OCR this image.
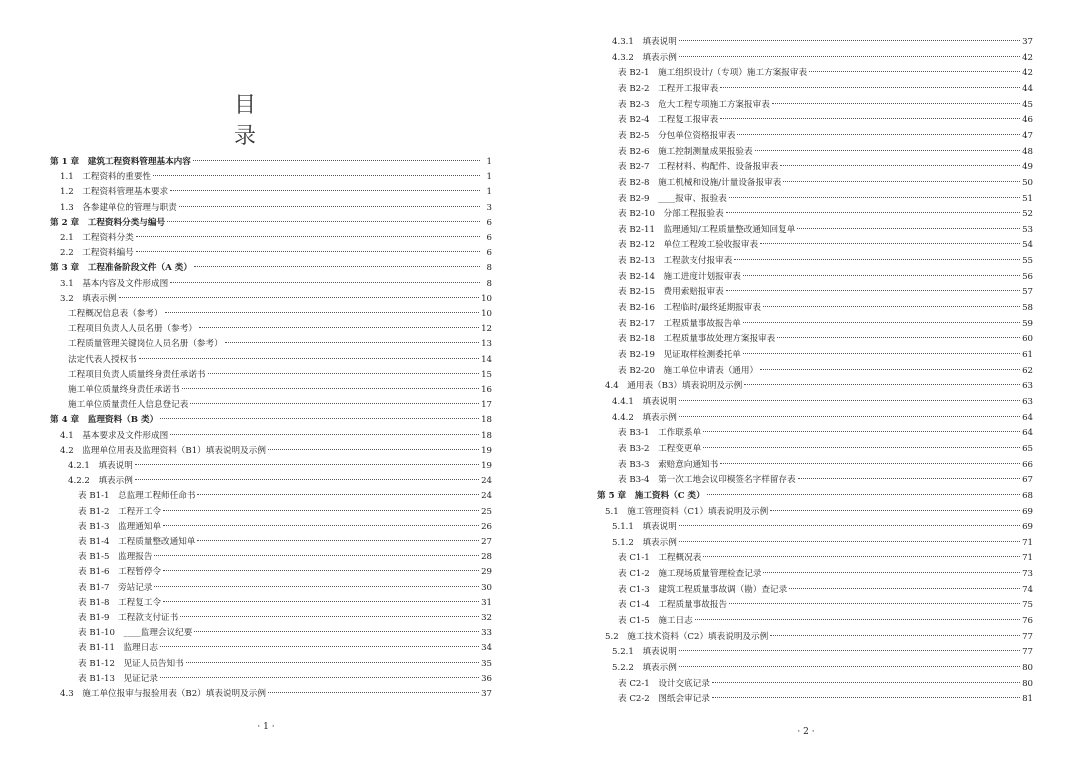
目 录
第 1 章　建筑工程资料管理基本内容	1
1.1　工程资料的重要性	1
1.2　工程资料管理基本要求	1
1.3　各参建单位的管理与职责	3
第 2 章　工程资料分类与编号	6
2.1　工程资料分类	6
2.2　工程资料编号	6
第 3 章　工程准备阶段文件（A 类）	8
3.1　基本内容及文件形成图	8
3.2　填表示例	10
工程概况信息表（参考）	10
工程项目负责人人员名册（参考）	12
工程质量管理关键岗位人员名册（参考）	13
法定代表人授权书	14
工程项目负责人质量终身责任承诺书	15
施工单位质量终身责任承诺书	16
施工单位质量责任人信息登记表	17
第 4 章　监理资料（B 类）	18
4.1　基本要求及文件形成图	18
4.2　监理单位用表及监理资料（B1）填表说明及示例	19
4.2.1　填表说明	19
4.2.2　填表示例	24
表 B1-1　总监理工程师任命书	24
表 B1-2　工程开工令	25
表 B1-3　监理通知单	26
表 B1-4　工程质量整改通知单	27
表 B1-5　监理报告	28
表 B1-6　工程暂停令	29
表 B1-7　旁站记录	30
表 B1-8　工程复工令	31
表 B1-9　工程款支付证书	32
表 B1-10　____监理会议纪要	33
表 B1-11　监理日志	34
表 B1-12　见证人员告知书	35
表 B1-13　见证记录	36
4.3　施工单位报审与报验用表（B2）填表说明及示例	37
4.3.1　填表说明	37
4.3.2　填表示例	42
表 B2-1　施工组织设计/（专项）施工方案报审表	42
表 B2-2　工程开工报审表	44
表 B2-3　危大工程专项施工方案报审表	45
表 B2-4　工程复工报审表	46
表 B2-5　分包单位资格报审表	47
表 B2-6　施工控制测量成果报验表	48
表 B2-7　工程材料、构配件、设备报审表	49
表 B2-8　施工机械和设施/计量设备报审表	50
表 B2-9　____报审、报验表	51
表 B2-10　分部工程报验表	52
表 B2-11　监理通知/工程质量整改通知回复单	53
表 B2-12　单位工程竣工验收报审表	54
表 B2-13　工程款支付报审表	55
表 B2-14　施工进度计划报审表	56
表 B2-15　费用索赔报审表	57
表 B2-16　工程临时/最终延期报审表	58
表 B2-17　工程质量事故报告单	59
表 B2-18　工程质量事故处理方案报审表	60
表 B2-19　见证取样检测委托单	61
表 B2-20　施工单位申请表（通用）	62
4.4　通用表（B3）填表说明及示例	63
4.4.1　填表说明	63
4.4.2　填表示例	64
表 B3-1　工作联系单	64
表 B3-2　工程变更单	65
表 B3-3　索赔意向通知书	66
表 B3-4　第一次工地会议印模签名字样留存表	67
第 5 章　施工资料（C 类）	68
5.1　施工管理资料（C1）填表说明及示例	69
5.1.1　填表说明	69
5.1.2　填表示例	71
表 C1-1　工程概况表	71
表 C1-2　施工现场质量管理检查记录	73
表 C1-3　建筑工程质量事故调（勘）查记录	74
表 C1-4　工程质量事故报告	75
表 C1-5　施工日志	76
5.2　施工技术资料（C2）填表说明及示例	77
5.2.1　填表说明	77
5.2.2　填表示例	80
表 C2-1　设计交底记录	80
表 C2-2　图纸会审记录	81
· 1 ·	· 2 ·
